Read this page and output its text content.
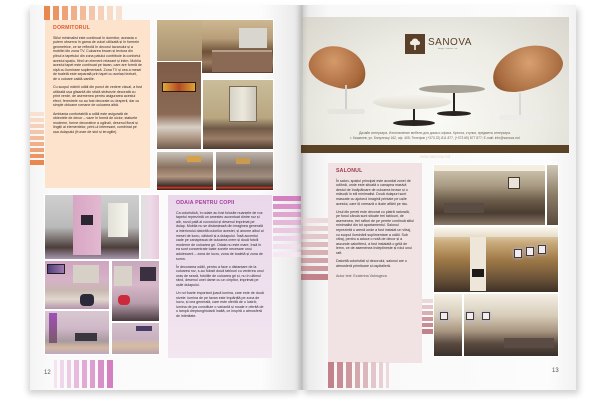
DORMITORUL

Stilul minimalist este continuat în dormitor, aceasta o putem observa în gama de culori utilizată și în formele geometrice, ce se reflectă în decorul tavanului și a mobilei din zona TV. Culoarea brown și textura din plinul a tapetului din zona patului contribuie la confortul acestui spațiu, fiind un element relaxant și intim. Mobila acestui tapet este continuat pe tavan, care are formă de nişă cu iluminare suplimentară. Zona TV și cea a mesei de toaletă este separată prin tapet cu același texturii, de o culoare caldă-vanilie.

Cu scopul măririi odăii din punct de vedere vizual, a fost utilizată ușa glisantă din sticlă străvezie decorată cu print verde, de asemenea pentru asigurarea acestui efect, ferestrele nu au fost decorate cu draperii, dar cu simple obloane romane de culoarea albă.

Ambianța confortabilă a odăii este asigurată de obiectele de decor – vaze în formă de ulcior, statuete moderne, forme decorative a oglinzii, desenul floral și lingiții ai elementelor, print-ul interesant, combinat pe ușa dulapului (frunze de stuf și ierugiile).

ODAIA PENTRU COPII

Ca coloristică, în odaie au fost folosite nuanțele de roz: tapetul reprezintă un amestec accentuat dintre roz și alb, rozul pală al covorului și desenul imprimat pe dulap. Mobila nu se distanțează din imaginea generală a interiorului datorită culorilor acestei, și anume albul al mesei de lucru, căldurii și a dulapului. Însă accentul cade pe canapeaua de culoarea crem și două fotolii moderne de culoarea gri. Odaia nu este mare, însă în ea sunt concentrate toate zonele necesare unui adolescent – zona de lucru, zona de toaletă și zona de somn.

În decorarea odăii, pentru a face o distanțare de la culoarea roz, s-au folosit două tablouri cu vederea unui oraș de seară, fotoliile de culoarea gri și, nu în ultimul rând, desenul unei dame cu un ciripitor, imprimat pe ușile dulapului.

Un rol foarte important joacă lumina, care este de două nivele: lumina de pe tavan este împărțită pe zona de lucru, și cea generală, care este oferită de o lustră; lumina de jos constituie o variantă și moale e oferită de o lampă dreptunghiulară înaltă, ce inspiră o atmosferă de intimitate.

12
SANOVA
design · furniture · art
Дизайн интерьера. Изготовление мебели для дома и офиса. Кресла, стулья, предметы интерьера.
г. Кишинев, ул. Бэнулеску 162, оф. 405; Телефон (+373 22) 811 877, (+373 69) 877 877; E-mail: info@sanova.md
www.sanova.md
SALONUL

În salon, spațiul principal este acordat zonei de odihnă, unde este situată o canapea masivă destul de încăpătoare de culoarea brown și o măsuță în stil minimalist. Două dulapuri sunt mascate cu ajutorul imaginii printate pe ușile acestui, care îți creează o iluzie aflării pe râu.

Unul din pereți este decorat cu piatră naturală, pe fonul căruia sunt situate trei tablouri, de asemenea, trei rafturi de pe perete continuă stilul minimalist din tot apartamentul. Salonul reprezintă o arenă unde a fost instalat un vitraj, cu scopul iluminării suplimentare a odăii. Sub vitraj, pentru a aduce o notă de decor și a ascunde caloriferul, a fost instalată o grilă de lemn, ce de asemenea îndeplinește și rolul unui raft.

Datorită coloristicii și decorului, salonul are o atmosferă primitoare și ospitalieră.

Autor text: Ecaterina Vahrugeva

13
